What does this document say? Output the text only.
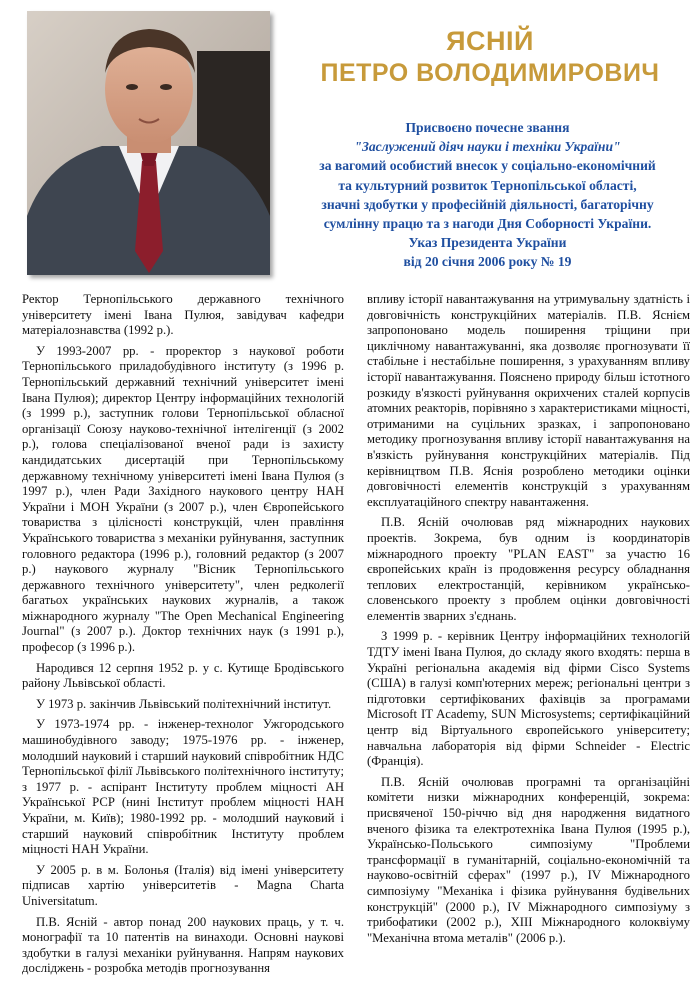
ЯСНІЙ
ПЕТРО ВОЛОДИМИРОВИЧ
Присвоєно почесне звання
"Заслужений діяч науки і техніки України"
за вагомий особистий внесок у соціально-економічний
та культурний розвиток Тернопільської області,
значні здобутки у професійній діяльності, багаторічну
сумлінну працю та з нагоди Дня Соборності України.
Указ Президента України
від 20 січня 2006 року № 19

Ректор Тернопільського державного технічного університету імені Івана Пулюя, завідувач кафедри матеріалознавства (1992 р.).

У 1993-2007 рр. - проректор з наукової роботи Тернопільського приладобудівного інституту (з 1996 р. Тернопільський державний технічний університет імені Івана Пулюя); директор Центру інформаційних технологій (з 1999 р.), заступник голови Тернопільської обласної організації Союзу науково-технічної інтелігенції (з 2002 р.), голова спеціалізованої вченої ради із захисту кандидатських дисертацій при Тернопільському державному технічному університеті імені Івана Пулюя (з 1997 р.), член Ради Західного наукового центру НАН України і МОН України (з 2007 р.), член Європейського товариства з цілісності конструкцій, член правління Українського товариства з механіки руйнування, заступник головного редактора (1996 р.), головний редактор (з 2007 р.) наукового журналу "Вісник Тернопільського державного технічного університету", член редколегії багатьох українських наукових журналів, а також міжнародного журналу "The Open Mechanical Engineering Journal" (з 2007 р.). Доктор технічних наук (з 1991 р.), професор (з 1996 р.).

Народився 12 серпня 1952 р. у с. Кутище Бродівського району Львівської області.

У 1973 р. закінчив Львівський політехнічний інститут.

У 1973-1974 рр. - інженер-технолог Ужгородського машинобудівного заводу; 1975-1976 рр. - інженер, молодший науковий і старший науковий співробітник НДС Тернопільської філії Львівського політехнічного інституту; з 1977 р. - аспірант Інституту проблем міцності АН Української РСР (нині Інститут проблем міцності НАН України, м. Київ); 1980-1992 рр. - молодший науковий і старший науковий співробітник Інституту проблем міцності НАН України.

У 2005 р. в м. Болонья (Італія) від імені університету підписав хартію університетів - Magna Charta Universitatum.

П.В. Ясній - автор понад 200 наукових праць, у т. ч. монографії та 10 патентів на винаходи. Основні наукові здобутки в галузі механіки руйнування. Напрям наукових досліджень - розробка методів прогнозування

впливу історії навантажування на утримувальну здатність і довговічність конструкційних матеріалів. П.В. Яснієм запропоновано модель поширення тріщини при циклічному навантажуванні, яка дозволяє прогнозувати її стабільне і нестабільне поширення, з урахуванням впливу історії навантажування. Пояснено природу більш істотного розкиду в'язкості руйнування окрихчених сталей корпусів атомних реакторів, порівняно з характеристиками міцності, отриманими на суцільних зразках, і запропоновано методику прогнозування впливу історії навантажування на в'язкість руйнування конструкційних матеріалів. Під керівництвом П.В. Яснія розроблено методики оцінки довговічності елементів конструкцій з урахуванням експлуатаційного спектру навантаження.

П.В. Ясній очолював ряд міжнародних наукових проектів. Зокрема, був одним із координаторів міжнародного проекту "PLAN EAST" за участю 16 європейських країн із продовження ресурсу обладнання теплових електростанцій, керівником українсько-словенського проекту з проблем оцінки довговічності елементів зварних з'єднань.

З 1999 р. - керівник Центру інформаційних технологій ТДТУ імені Івана Пулюя, до складу якого входять: перша в Україні регіональна академія від фірми Cisco Systems (США) в галузі комп'ютерних мереж; регіональні центри з підготовки сертифікованих фахівців за програмами Microsoft IT Academy, SUN Microsystems; сертифікаційний центр від Віртуального європейського університету; навчальна лабораторія від фірми Schneider - Electric (Франція).

П.В. Ясній очолював програмні та організаційні комітети низки міжнародних конференцій, зокрема: присвяченої 150-річчю від дня народження видатного вченого фізика та електротехніка Івана Пулюя (1995 р.), Українсько-Польського симпозіуму "Проблеми трансформації в гуманітарній, соціально-економічній та науково-освітній сферах" (1997 р.), IV Міжнародного симпозіуму "Механіка і фізика руйнування будівельних конструкцій" (2000 р.), IV Міжнародного симпозіуму з трибофатики (2002 р.), XIII Міжнародного колоквіуму "Механічна втома металів" (2006 р.).
